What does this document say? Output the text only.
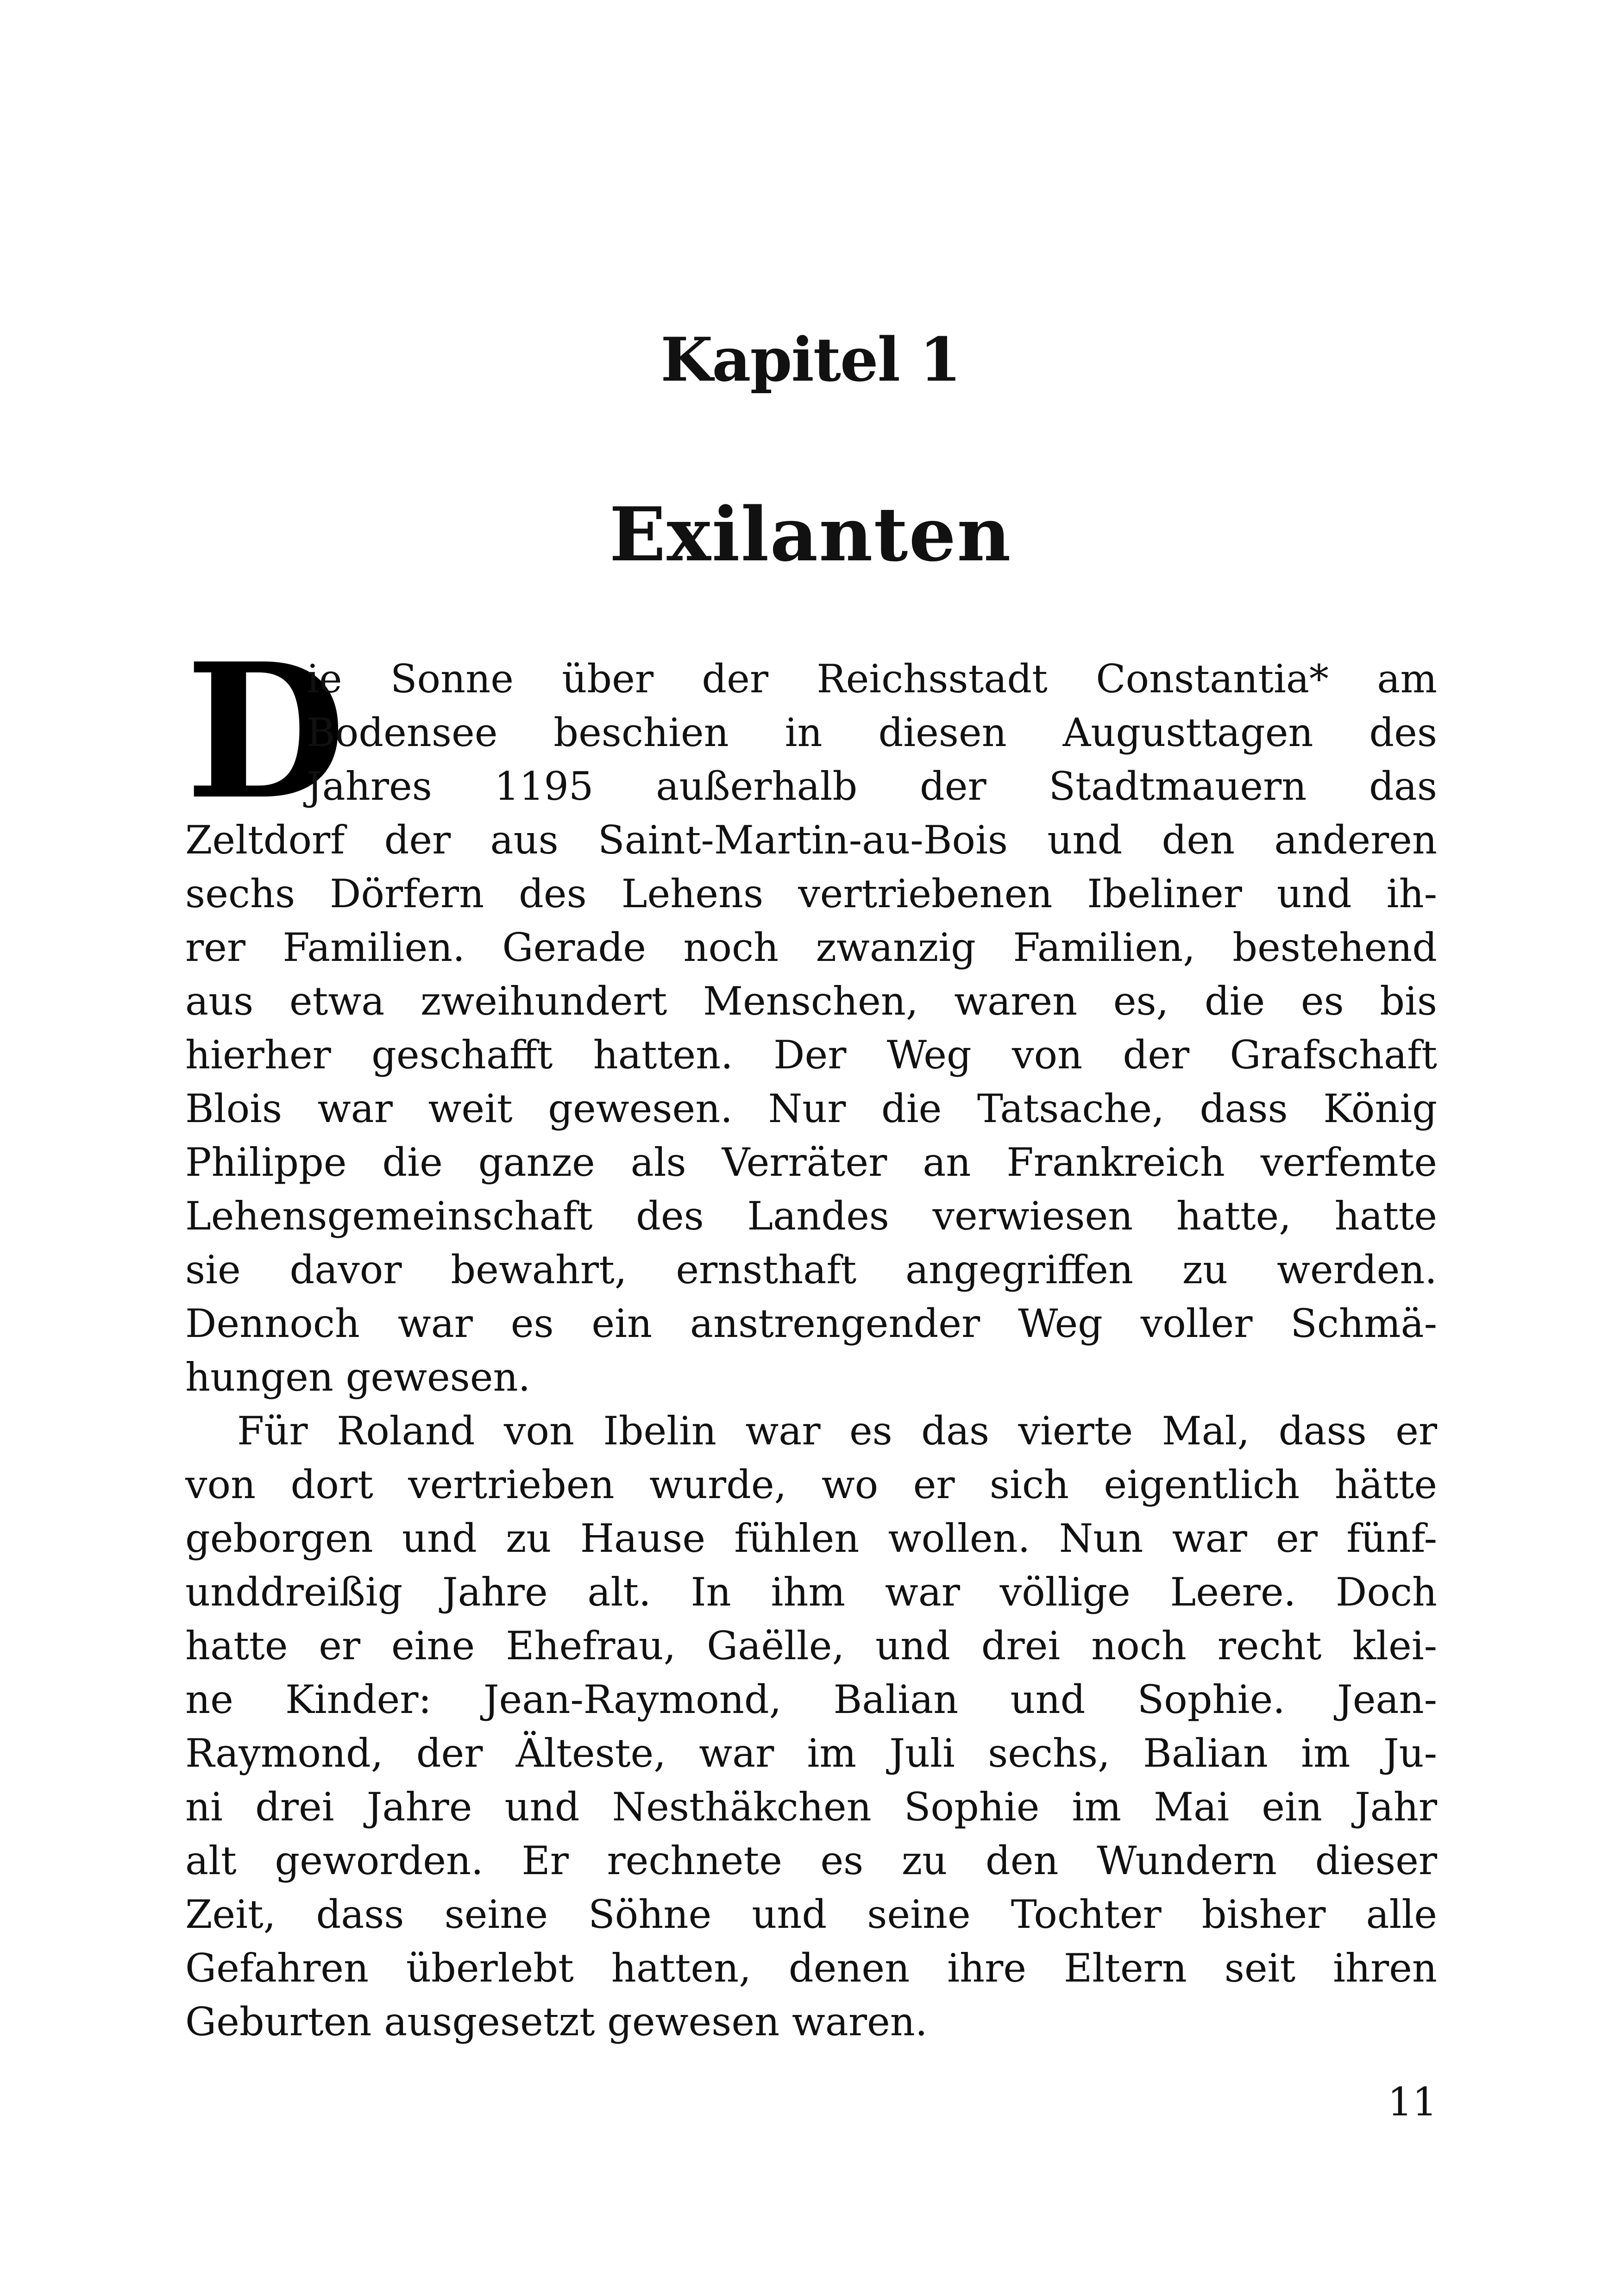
Kapitel 1
Exilanten
D
ie Sonne über der Reichsstadt Constantia* am
Bodensee beschien in diesen Augusttagen des
Jahres 1195 außerhalb der Stadtmauern das
Zeltdorf der aus Saint-Martin-au-Bois und den anderen
sechs Dörfern des Lehens vertriebenen Ibeliner und ih-
rer Familien. Gerade noch zwanzig Familien, bestehend
aus etwa zweihundert Menschen, waren es, die es bis
hierher geschafft hatten. Der Weg von der Grafschaft
Blois war weit gewesen. Nur die Tatsache, dass König
Philippe die ganze als Verräter an Frankreich verfemte
Lehensgemeinschaft des Landes verwiesen hatte, hatte
sie davor bewahrt, ernsthaft angegriffen zu werden.
Dennoch war es ein anstrengender Weg voller Schmä-
hungen gewesen.
Für Roland von Ibelin war es das vierte Mal, dass er
von dort vertrieben wurde, wo er sich eigentlich hätte
geborgen und zu Hause fühlen wollen. Nun war er fünf-
unddreißig Jahre alt. In ihm war völlige Leere. Doch
hatte er eine Ehefrau, Gaëlle, und drei noch recht klei-
ne Kinder: Jean-Raymond, Balian und Sophie. Jean-
Raymond, der Älteste, war im Juli sechs, Balian im Ju-
ni drei Jahre und Nesthäkchen Sophie im Mai ein Jahr
alt geworden. Er rechnete es zu den Wundern dieser
Zeit, dass seine Söhne und seine Tochter bisher alle
Gefahren überlebt hatten, denen ihre Eltern seit ihren
Geburten ausgesetzt gewesen waren.
11
